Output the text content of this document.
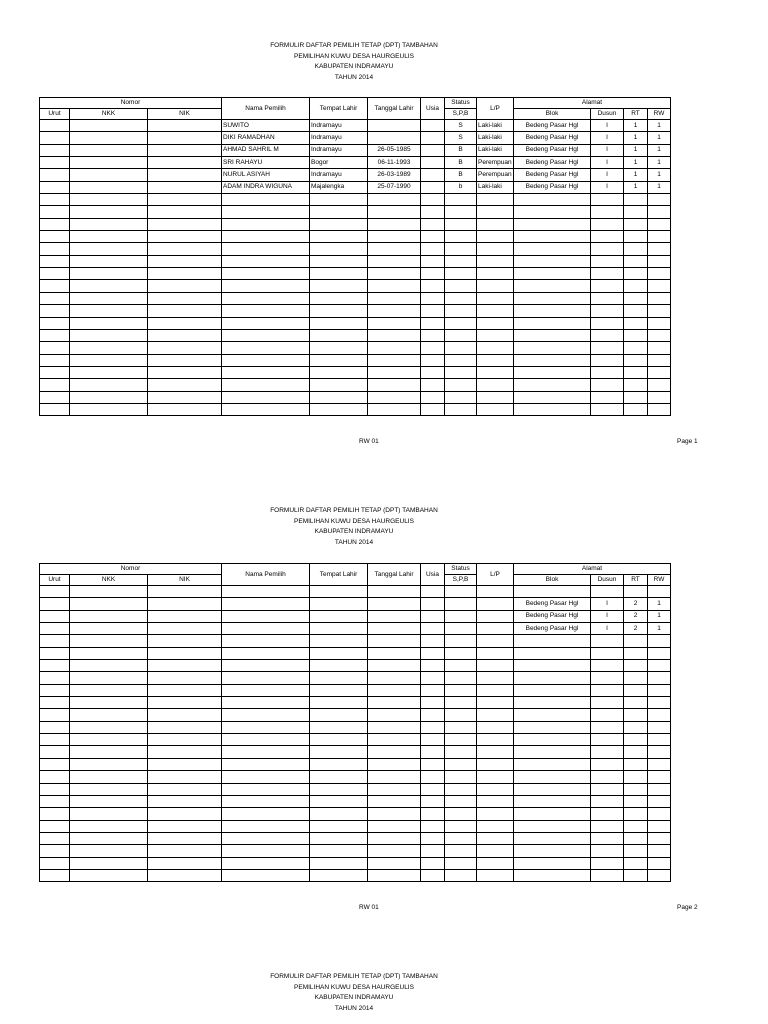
FORMULIR DAFTAR PEMILIH TETAP (DPT) TAMBAHAN
PEMILIHAN KUWU DESA HAURGEULIS
KABUPATEN INDRAMAYU
TAHUN 2014
Nomor			Nama Pemilih	Tempat Lahir	Tanggal Lahir	Usia	Status	L/P	Alamat			
Urut	NKK	NIK					S,P,B		Blok	Dusun	RT	RW
			SUWITO	Indramayu			S	Laki-laki	Bedeng Pasar Hgl	I	1	1
			DIKI RAMADHAN	Indramayu			S	Laki-laki	Bedeng Pasar Hgl	I	1	1
			AHMAD SAHRIL M	Indramayu	26-05-1985		B	Laki-laki	Bedeng Pasar Hgl	I	1	1
			SRI RAHAYU	Bogor	06-11-1993		B	Perempuan	Bedeng Pasar Hgl	I	1	1
			NURUL ASIYAH	Indramayu	26-03-1989		B	Perempuan	Bedeng Pasar Hgl	I	1	1
			ADAM INDRA WIGUNA	Majalengka	25-07-1990		b	Laki-laki	Bedeng Pasar Hgl	I	1	1

RW 01	Page 1
FORMULIR DAFTAR PEMILIH TETAP (DPT) TAMBAHAN
PEMILIHAN KUWU DESA HAURGEULIS
KABUPATEN INDRAMAYU
TAHUN 2014
Nomor			Nama Pemilih	Tempat Lahir	Tanggal Lahir	Usia	Status	L/P	Alamat			
Urut	NKK	NIK					S,P,B		Blok	Dusun	RT	RW

									Bedeng Pasar Hgl	I	2	1
									Bedeng Pasar Hgl	I	2	1
									Bedeng Pasar Hgl	I	2	1

RW 01	Page 2
FORMULIR DAFTAR PEMILIH TETAP (DPT) TAMBAHAN
PEMILIHAN KUWU DESA HAURGEULIS
KABUPATEN INDRAMAYU
TAHUN 2014
